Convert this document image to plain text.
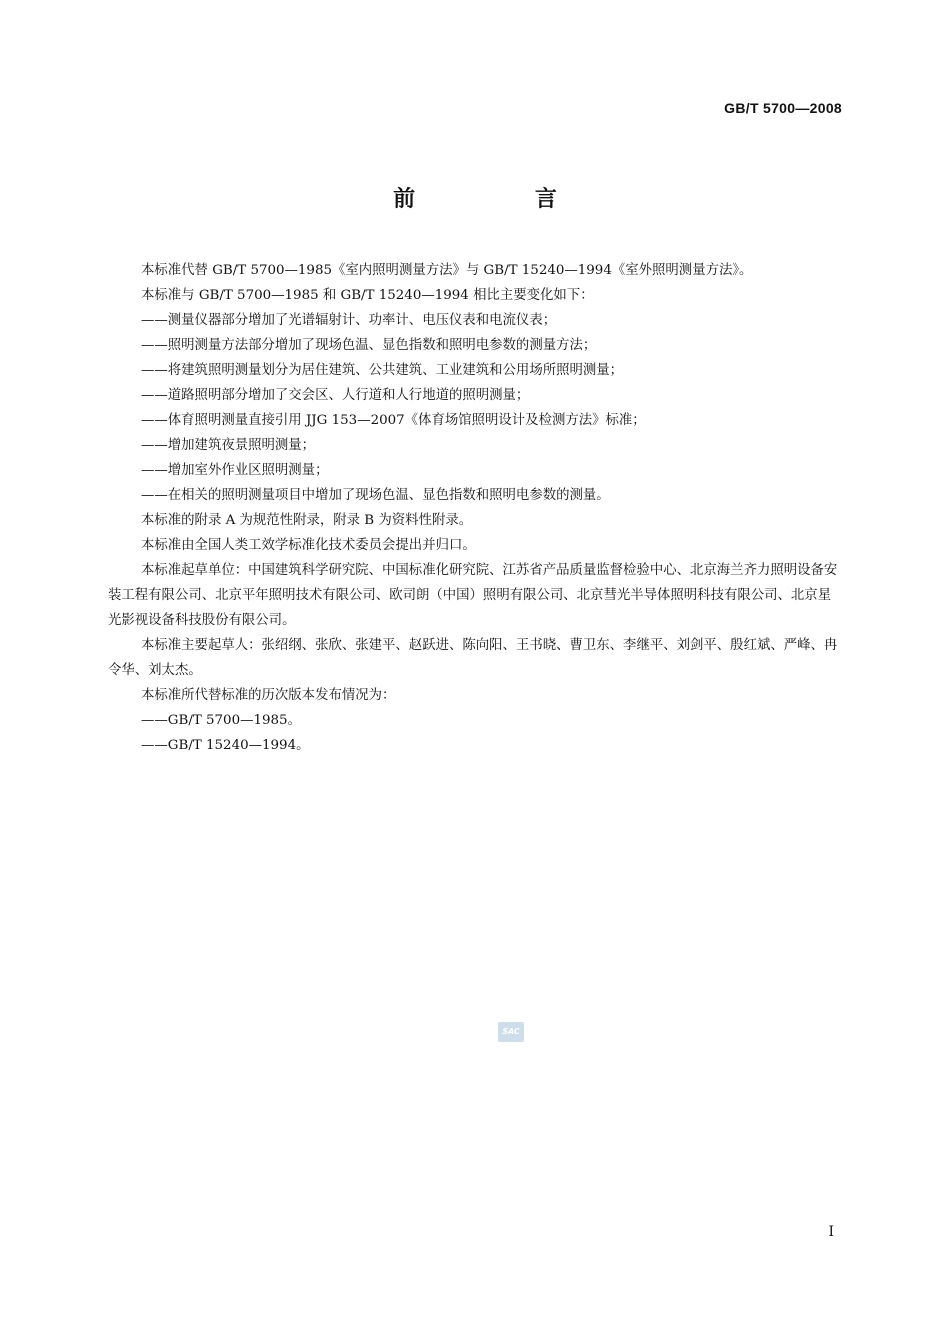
GB/T 5700—2008
前 言

本标准代替 GB/T 5700—1985《室内照明测量方法》与 GB/T 15240—1994《室外照明测量方法》。

本标准与 GB/T 5700—1985 和 GB/T 15240—1994 相比主要变化如下：

——测量仪器部分增加了光谱辐射计、功率计、电压仪表和电流仪表；

——照明测量方法部分增加了现场色温、显色指数和照明电参数的测量方法；

——将建筑照明测量划分为居住建筑、公共建筑、工业建筑和公用场所照明测量；

——道路照明部分增加了交会区、人行道和人行地道的照明测量；

——体育照明测量直接引用 JJG 153—2007《体育场馆照明设计及检测方法》标准；

——增加建筑夜景照明测量；

——增加室外作业区照明测量；

——在相关的照明测量项目中增加了现场色温、显色指数和照明电参数的测量。

本标准的附录 A 为规范性附录，附录 B 为资料性附录。

本标准由全国人类工效学标准化技术委员会提出并归口。

本标准起草单位：中国建筑科学研究院、中国标准化研究院、江苏省产品质量监督检验中心、北京海兰齐力照明设备安装工程有限公司、北京平年照明技术有限公司、欧司朗（中国）照明有限公司、北京彗光半导体照明科技有限公司、北京星光影视设备科技股份有限公司。

本标准主要起草人：张绍纲、张欣、张建平、赵跃进、陈向阳、王书晓、曹卫东、李继平、刘剑平、殷红斌、严峰、冉令华、刘太杰。

本标准所代替标准的历次版本发布情况为：

——GB/T 5700—1985。

——GB/T 15240—1994。

SAC
I
